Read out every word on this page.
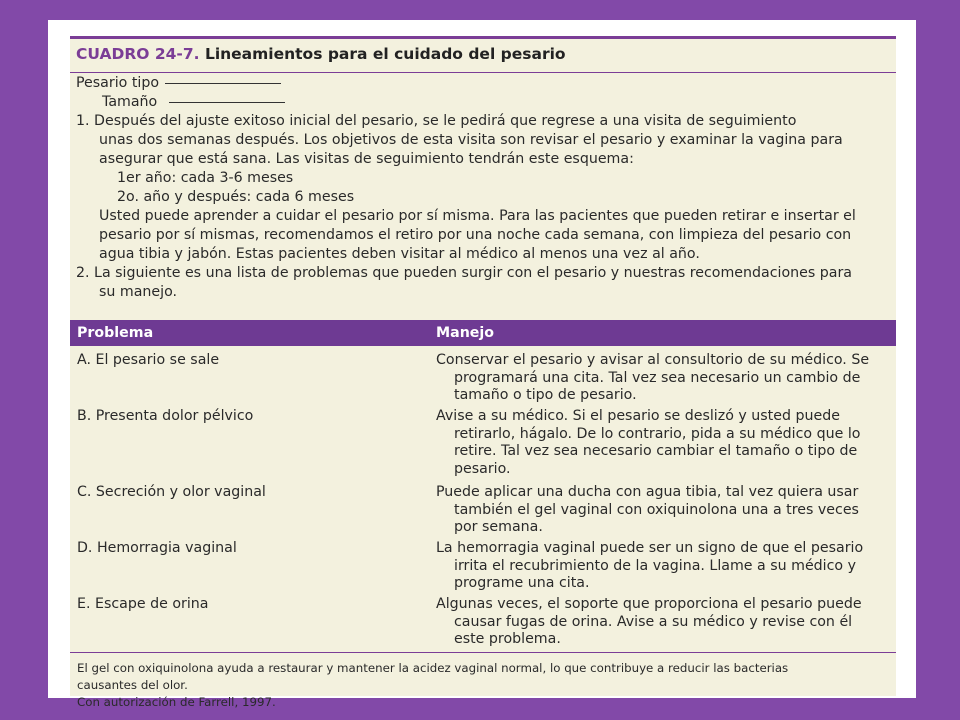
CUADRO 24-7. Lineamientos para el cuidado del pesario
Pesario tipo
Tamaño
1. Después del ajuste exitoso inicial del pesario, se le pedirá que regrese a una visita de seguimiento
unas dos semanas después. Los objetivos de esta visita son revisar el pesario y examinar la vagina para
asegurar que está sana. Las visitas de seguimiento tendrán este esquema:
1er año: cada 3-6 meses
2o. año y después: cada 6 meses
Usted puede aprender a cuidar el pesario por sí misma. Para las pacientes que pueden retirar e insertar el
pesario por sí mismas, recomendamos el retiro por una noche cada semana, con limpieza del pesario con
agua tibia y jabón. Estas pacientes deben visitar al médico al menos una vez al año.
2. La siguiente es una lista de problemas que pueden surgir con el pesario y nuestras recomendaciones para
su manejo.
Problema	Manejo
A. El pesario se sale	Conservar el pesario y avisar al consultorio de su médico. Se
programará una cita. Tal vez sea necesario un cambio de
tamaño o tipo de pesario.
B. Presenta dolor pélvico	Avise a su médico. Si el pesario se deslizó y usted puede
retirarlo, hágalo. De lo contrario, pida a su médico que lo
retire. Tal vez sea necesario cambiar el tamaño o tipo de
pesario.
C. Secreción y olor vaginal	Puede aplicar una ducha con agua tibia, tal vez quiera usar
también el gel vaginal con oxiquinolona una a tres veces
por semana.
D. Hemorragia vaginal	La hemorragia vaginal puede ser un signo de que el pesario
irrita el recubrimiento de la vagina. Llame a su médico y
programe una cita.
E. Escape de orina	Algunas veces, el soporte que proporciona el pesario puede
causar fugas de orina. Avise a su médico y revise con él
este problema.
El gel con oxiquinolona ayuda a restaurar y mantener la acidez vaginal normal, lo que contribuye a reducir las bacterias
causantes del olor.
Con autorización de Farrell, 1997.
